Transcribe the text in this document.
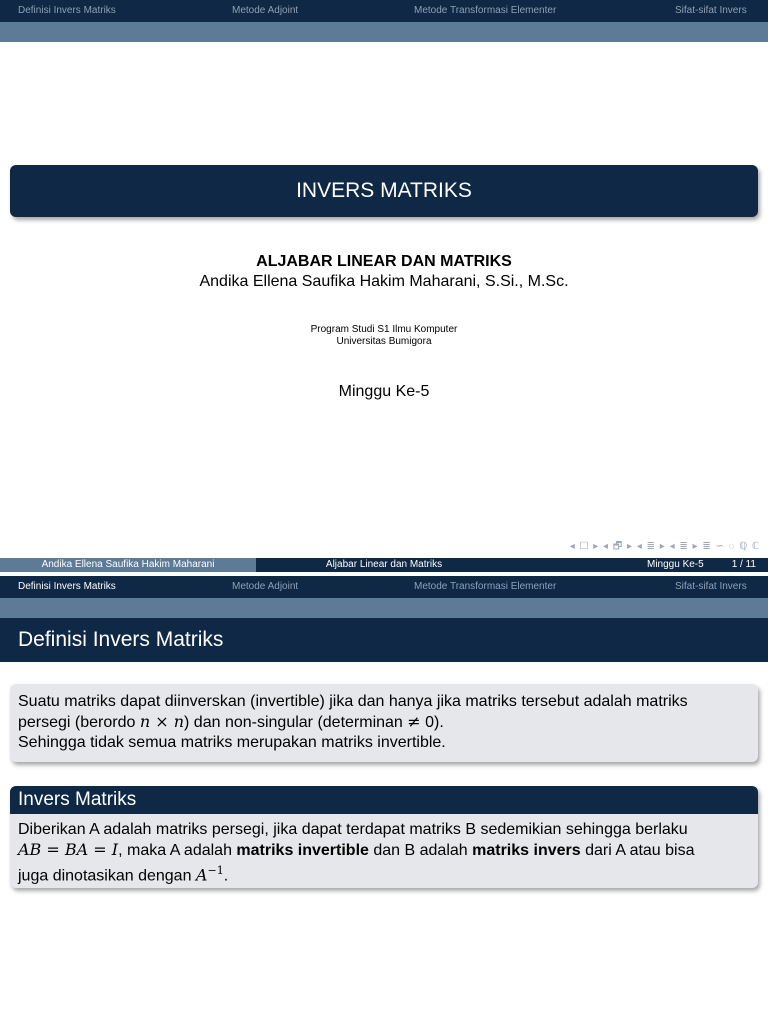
Definisi Invers Matriks	Metode Adjoint	Metode Transformasi Elementer	Sifat-sifat Invers
INVERS MATRIKS
ALJABAR LINEAR DAN MATRIKS
Andika Ellena Saufika Hakim Maharani, S.Si., M.Sc.
Program Studi S1 Ilmu Komputer
Universitas Bumigora
Minggu Ke-5
◂ ☐ ▸ ◂ 🗗 ▸ ◂ ≣ ▸ ◂ ≣ ▸ ≣ ∽ ◌ ℚ ℂ
Andika Ellena Saufika Hakim Maharani	Aljabar Linear dan Matriks	Minggu Ke-5	1 / 11
Definisi Invers Matriks	Metode Adjoint	Metode Transformasi Elementer	Sifat-sifat Invers
Definisi Invers Matriks
Suatu matriks dapat diinverskan (invertible) jika dan hanya jika matriks tersebut adalah matriks
persegi (berordo n × n) dan non-singular (determinan ≠ 0).
Sehingga tidak semua matriks merupakan matriks invertible.
Invers Matriks
Diberikan A adalah matriks persegi, jika dapat terdapat matriks B sedemikian sehingga berlaku
AB = BA = I, maka A adalah matriks invertible dan B adalah matriks invers dari A atau bisa
juga dinotasikan dengan $A^{-1}$.
